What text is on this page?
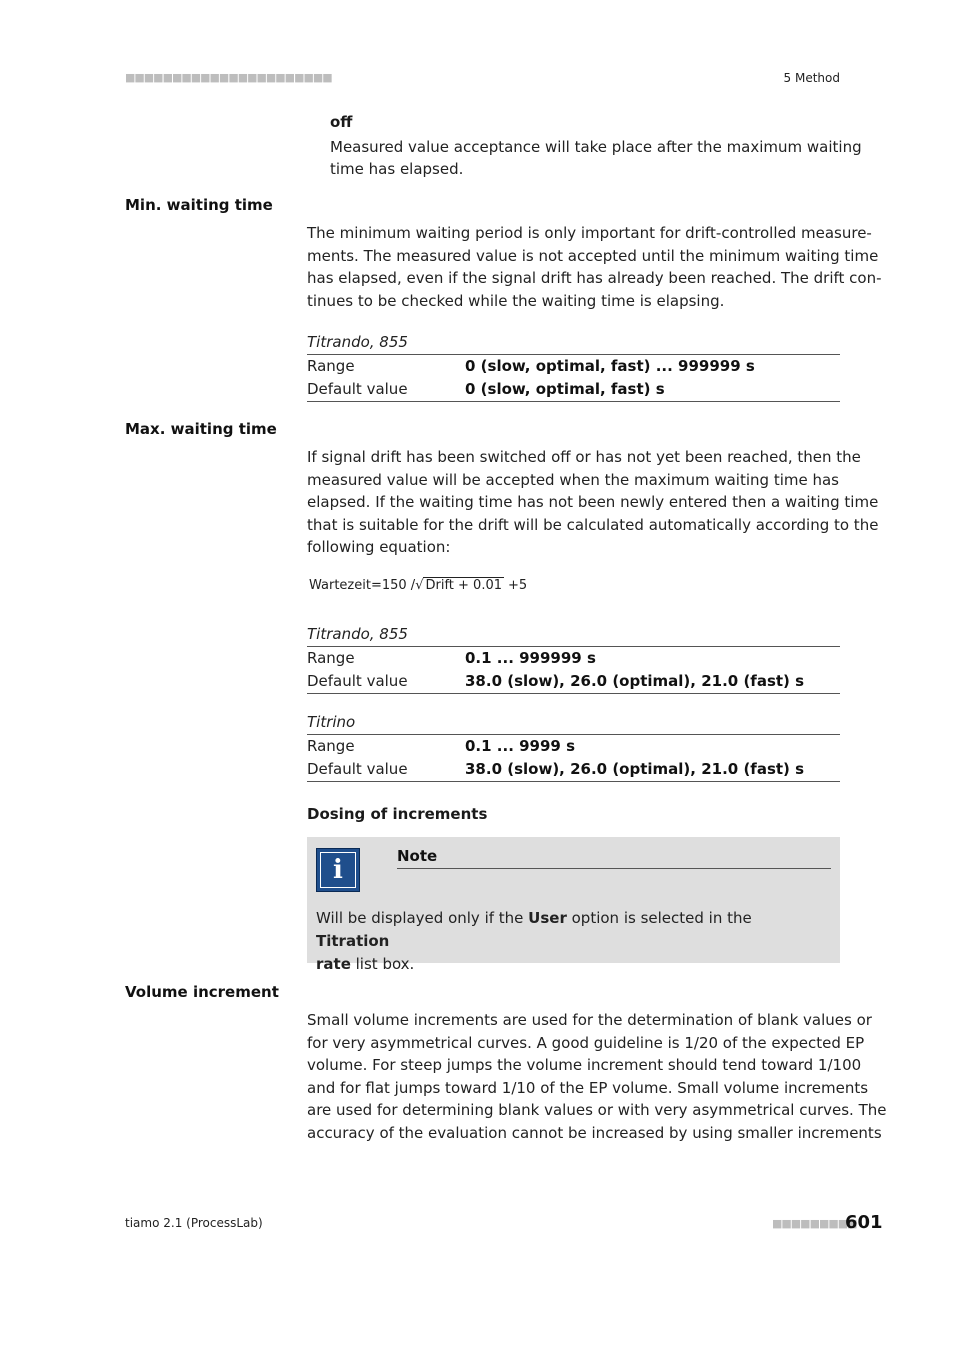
■■■■■■■■■■■■■■■■■■■■■■	5 Method
off
Measured value acceptance will take place after the maximum waiting
time has elapsed.
Min. waiting time
The minimum waiting period is only important for drift-controlled measure-
ments. The measured value is not accepted until the minimum waiting time
has elapsed, even if the signal drift has already been reached. The drift con-
tinues to be checked while the waiting time is elapsing.
Titrando, 855
Range	0 (slow, optimal, fast) ... 999999 s
Default value	0 (slow, optimal, fast) s
Max. waiting time
If signal drift has been switched off or has not yet been reached, then the
measured value will be accepted when the maximum waiting time has
elapsed. If the waiting time has not been newly entered then a waiting time
that is suitable for the drift will be calculated automatically according to the
following equation:
Wartezeit=150 /√ Drift + 0.01 +5
Titrando, 855
Range	0.1 ... 999999 s
Default value	38.0 (slow), 26.0 (optimal), 21.0 (fast) s
Titrino
Range	0.1 ... 9999 s
Default value	38.0 (slow), 26.0 (optimal), 21.0 (fast) s
Dosing of increments
i	Note
Will be displayed only if the User option is selected in the Titration
rate list box.
Volume increment
Small volume increments are used for the determination of blank values or
for very asymmetrical curves. A good guideline is 1/20 of the expected EP
volume. For steep jumps the volume increment should tend toward 1/100
and for flat jumps toward 1/10 of the EP volume. Small volume increments
are used for determining blank values or with very asymmetrical curves. The
accuracy of the evaluation cannot be increased by using smaller increments
tiamo 2.1 (ProcessLab)	■■■■■■■■■
601
